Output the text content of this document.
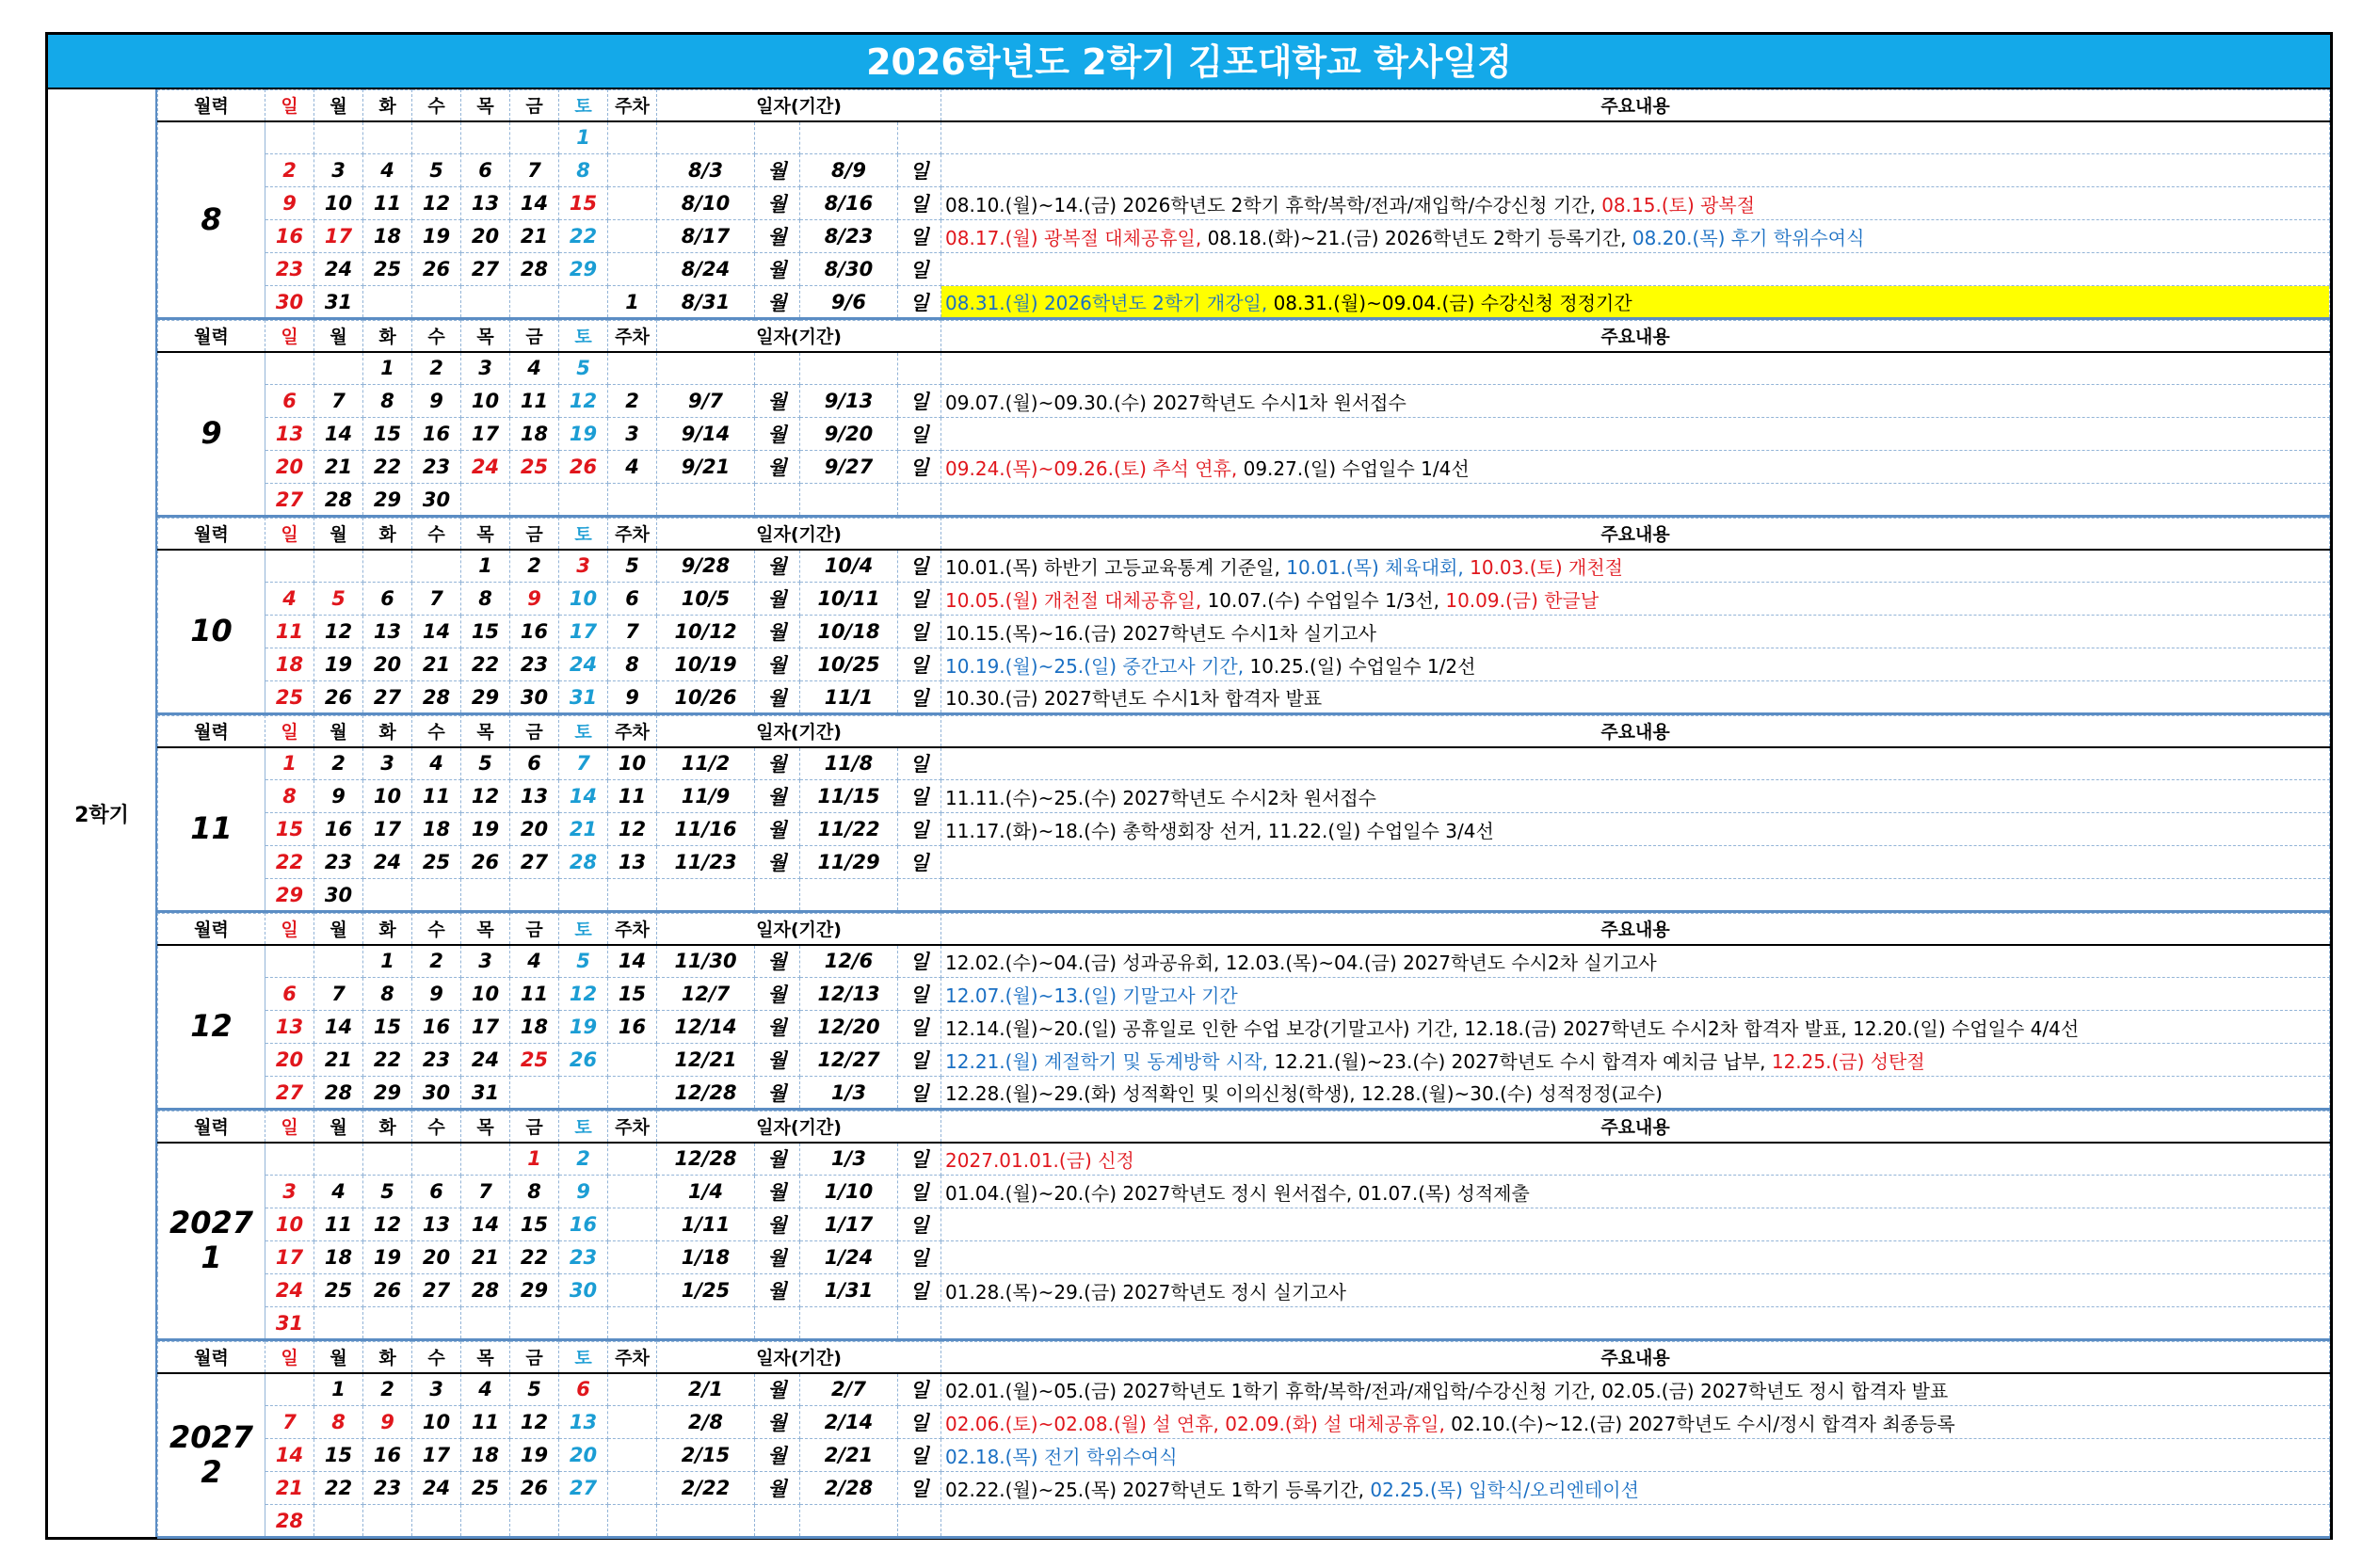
2026학년도 2학기 김포대학교 학사일정
2학기
월력	일	월	화	수	목	금	토	주차	일자(기간)				주요내용

8							1						
	2	3	4	5	6	7	8		8/3	월	8/9	일	
	9	10	11	12	13	14	15		8/10	월	8/16	일	08.10.(월)~14.(금) 2026학년도 2학기 휴학/복학/전과/재입학/수강신청 기간, 08.15.(토) 광복절
	16	17	18	19	20	21	22		8/17	월	8/23	일	08.17.(월) 광복절 대체공휴일, 08.18.(화)~21.(금) 2026학년도 2학기 등록기간, 08.20.(목) 후기 학위수여식
	23	24	25	26	27	28	29		8/24	월	8/30	일	
	30	31						1	8/31	월	9/6	일	08.31.(월) 2026학년도 2학기 개강일, 08.31.(월)~09.04.(금) 수강신청 정정기간
월력	일	월	화	수	목	금	토	주차	일자(기간)				주요내용

9			1	2	3	4	5						
	6	7	8	9	10	11	12	2	9/7	월	9/13	일	09.07.(월)~09.30.(수) 2027학년도 수시1차 원서접수
	13	14	15	16	17	18	19	3	9/14	월	9/20	일	
	20	21	22	23	24	25	26	4	9/21	월	9/27	일	09.24.(목)~09.26.(토) 추석 연휴, 09.27.(일) 수업일수 1/4선
	27	28	29	30									
월력	일	월	화	수	목	금	토	주차	일자(기간)				주요내용

10					1	2	3	5	9/28	월	10/4	일	10.01.(목) 하반기 고등교육통계 기준일, 10.01.(목) 체육대회, 10.03.(토) 개천절
	4	5	6	7	8	9	10	6	10/5	월	10/11	일	10.05.(월) 개천절 대체공휴일, 10.07.(수) 수업일수 1/3선, 10.09.(금) 한글날
	11	12	13	14	15	16	17	7	10/12	월	10/18	일	10.15.(목)~16.(금) 2027학년도 수시1차 실기고사
	18	19	20	21	22	23	24	8	10/19	월	10/25	일	10.19.(월)~25.(일) 중간고사 기간, 10.25.(일) 수업일수 1/2선
	25	26	27	28	29	30	31	9	10/26	월	11/1	일	10.30.(금) 2027학년도 수시1차 합격자 발표
월력	일	월	화	수	목	금	토	주차	일자(기간)				주요내용

11	1	2	3	4	5	6	7	10	11/2	월	11/8	일	
	8	9	10	11	12	13	14	11	11/9	월	11/15	일	11.11.(수)~25.(수) 2027학년도 수시2차 원서접수
	15	16	17	18	19	20	21	12	11/16	월	11/22	일	11.17.(화)~18.(수) 총학생회장 선거, 11.22.(일) 수업일수 3/4선
	22	23	24	25	26	27	28	13	11/23	월	11/29	일	
	29	30											
월력	일	월	화	수	목	금	토	주차	일자(기간)				주요내용

12			1	2	3	4	5	14	11/30	월	12/6	일	12.02.(수)~04.(금) 성과공유회, 12.03.(목)~04.(금) 2027학년도 수시2차 실기고사
	6	7	8	9	10	11	12	15	12/7	월	12/13	일	12.07.(월)~13.(일) 기말고사 기간
	13	14	15	16	17	18	19	16	12/14	월	12/20	일	12.14.(월)~20.(일) 공휴일로 인한 수업 보강(기말고사) 기간, 12.18.(금) 2027학년도 수시2차 합격자 발표, 12.20.(일) 수업일수 4/4선
	20	21	22	23	24	25	26		12/21	월	12/27	일	12.21.(월) 계절학기 및 동계방학 시작, 12.21.(월)~23.(수) 2027학년도 수시 합격자 예치금 납부, 12.25.(금) 성탄절
	27	28	29	30	31				12/28	월	1/3	일	12.28.(월)~29.(화) 성적확인 및 이의신청(학생), 12.28.(월)~30.(수) 성적정정(교수)
월력	일	월	화	수	목	금	토	주차	일자(기간)				주요내용

2027
1						1	2		12/28	월	1/3	일	2027.01.01.(금) 신정
	3	4	5	6	7	8	9		1/4	월	1/10	일	01.04.(월)~20.(수) 2027학년도 정시 원서접수, 01.07.(목) 성적제출
	10	11	12	13	14	15	16		1/11	월	1/17	일	
	17	18	19	20	21	22	23		1/18	월	1/24	일	
	24	25	26	27	28	29	30		1/25	월	1/31	일	01.28.(목)~29.(금) 2027학년도 정시 실기고사
	31												
월력	일	월	화	수	목	금	토	주차	일자(기간)				주요내용

2027
2		1	2	3	4	5	6		2/1	월	2/7	일	02.01.(월)~05.(금) 2027학년도 1학기 휴학/복학/전과/재입학/수강신청 기간, 02.05.(금) 2027학년도 정시 합격자 발표
	7	8	9	10	11	12	13		2/8	월	2/14	일	02.06.(토)~02.08.(월) 설 연휴, 02.09.(화) 설 대체공휴일, 02.10.(수)~12.(금) 2027학년도 수시/정시 합격자 최종등록
	14	15	16	17	18	19	20		2/15	월	2/21	일	02.18.(목) 전기 학위수여식
	21	22	23	24	25	26	27		2/22	월	2/28	일	02.22.(월)~25.(목) 2027학년도 1학기 등록기간, 02.25.(목) 입학식/오리엔테이션
	28												
